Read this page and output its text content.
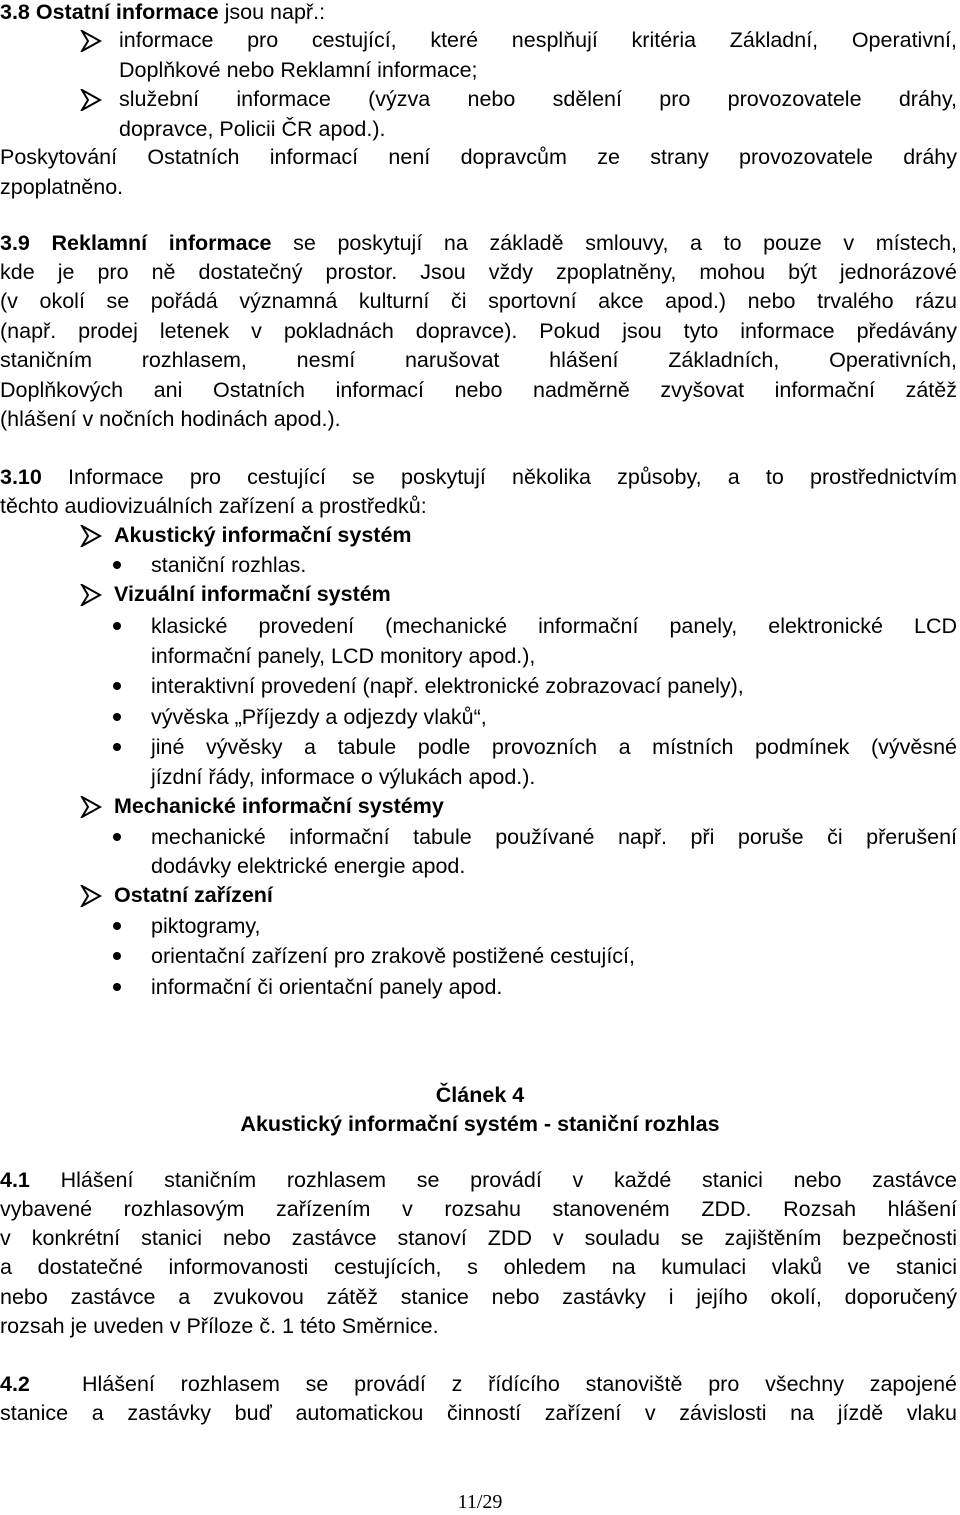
3.8 Ostatní informace jsou např.:
informace pro cestující, které nesplňují kritéria Základní, Operativní,
Doplňkové nebo Reklamní informace;
služební informace (výzva nebo sdělení pro provozovatele dráhy,
dopravce, Policii ČR apod.).
Poskytování Ostatních informací není dopravcům ze strany provozovatele dráhy
zpoplatněno.
3.9 Reklamní informace se poskytují na základě smlouvy, a to pouze v místech,
kde je pro ně dostatečný prostor. Jsou vždy zpoplatněny, mohou být jednorázové
(v okolí se pořádá významná kulturní či sportovní akce apod.) nebo trvalého rázu
(např. prodej letenek v pokladnách dopravce). Pokud jsou tyto informace předávány
staničním rozhlasem, nesmí narušovat hlášení Základních, Operativních,
Doplňkových ani Ostatních informací nebo nadměrně zvyšovat informační zátěž
(hlášení v nočních hodinách apod.).
3.10 Informace pro cestující se poskytují několika způsoby, a to prostřednictvím
těchto audiovizuálních zařízení a prostředků:
Akustický informační systém
staniční rozhlas.
Vizuální informační systém
klasické provedení (mechanické informační panely, elektronické LCD
informační panely, LCD monitory apod.),
interaktivní provedení (např. elektronické zobrazovací panely),
vývěska „Příjezdy a odjezdy vlaků“,
jiné vývěsky a tabule podle provozních a místních podmínek (vývěsné
jízdní řády, informace o výlukách apod.).
Mechanické informační systémy
mechanické informační tabule používané např. při poruše či přerušení
dodávky elektrické energie apod.
Ostatní zařízení
piktogramy,
orientační zařízení pro zrakově postižené cestující,
informační či orientační panely apod.
Článek 4
Akustický informační systém - staniční rozhlas
4.1 Hlášení staničním rozhlasem se provádí v každé stanici nebo zastávce
vybavené rozhlasovým zařízením v rozsahu stanoveném ZDD. Rozsah hlášení
v konkrétní stanici nebo zastávce stanoví ZDD v souladu se zajištěním bezpečnosti
a dostatečné informovanosti cestujících, s ohledem na kumulaci vlaků ve stanici
nebo zastávce a zvukovou zátěž stanice nebo zastávky i jejího okolí, doporučený
rozsah je uveden v Příloze č. 1 této Směrnice.
4.2	Hlášení rozhlasem se provádí z řídícího stanoviště pro všechny zapojené
stanice a zastávky buď automatickou činností zařízení v závislosti na jízdě vlaku
11/29
